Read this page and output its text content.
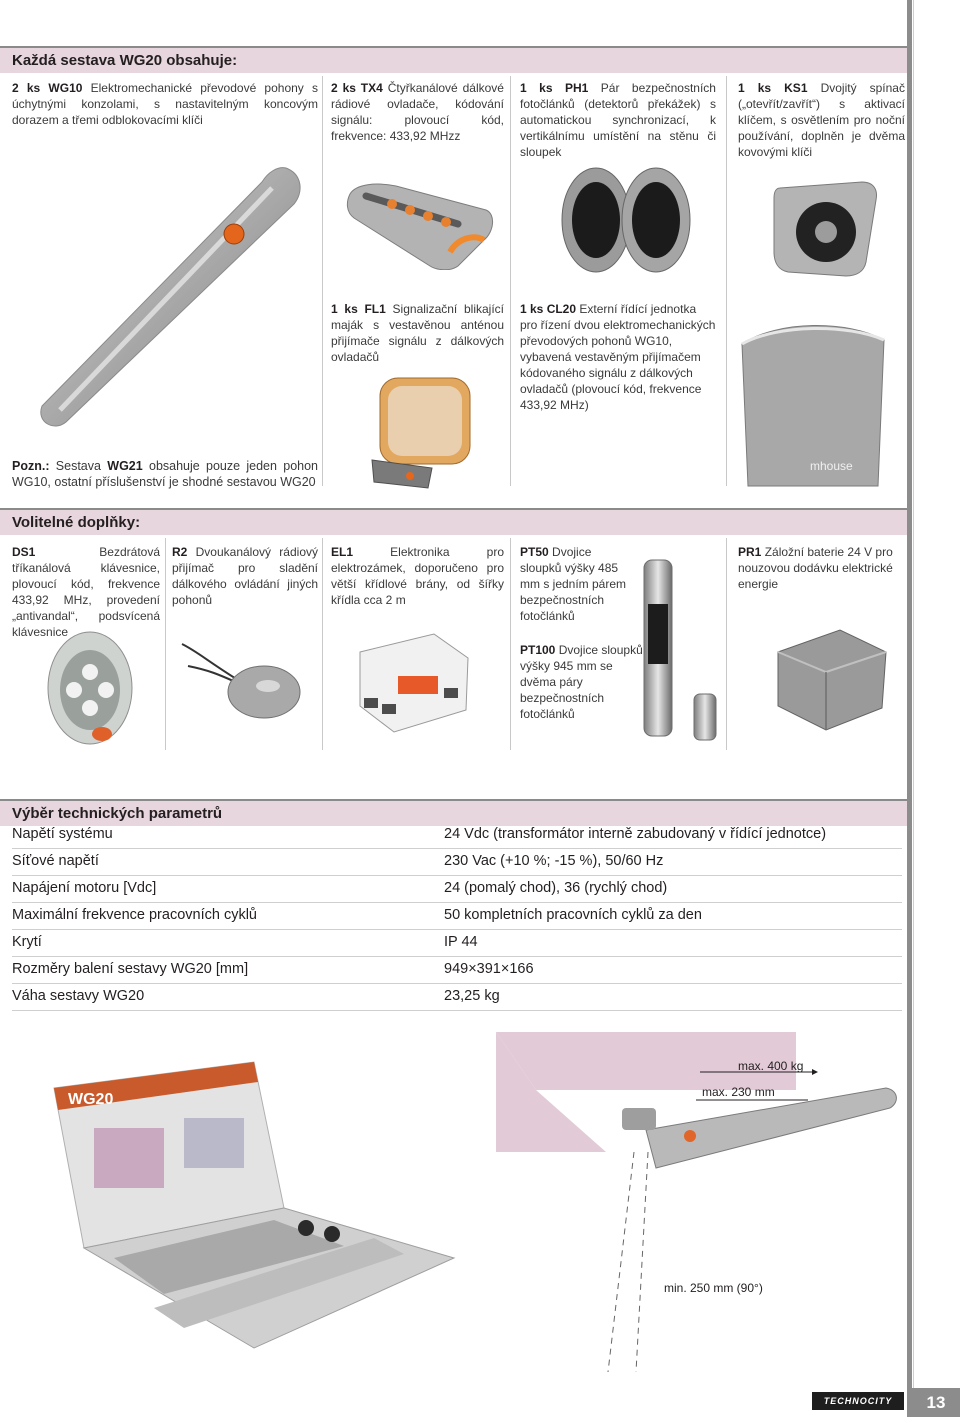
Každá sestava WG20 obsahuje:
2 ks WG10 Elektromechanické převodové pohony s úchytnými konzolami, s nastavitelným koncovým dorazem a třemi odblokovacími klíči
2 ks TX4 Čtyřkanálové dálkové rádiové ovladače, kódování signálu: plovoucí kód, frekvence: 433,92 MHzz
1 ks PH1 Pár bezpečnostních fotočlánků (detektorů překážek) s automatickou synchronizací, k vertikálnímu umístění na stěnu či sloupek
1 ks KS1 Dvojitý spínač („otevřít/zavřít“) s aktivací klíčem, s osvětlením pro noční používání, doplněn je dvěma kovovými klíči
1 ks FL1 Signalizační blikající maják s vestavěnou anténou přijímače signálu z dálkových ovladačů
1 ks CL20 Externí řídící jednotka pro řízení dvou elektromechanických převodových pohonů WG10, vybavená vestavěným přijímačem kódovaného signálu z dálkových ovladačů (plovoucí kód, frekvence 433,92 MHz)
mhouse
Pozn.: Sestava WG21 obsahuje pouze jeden pohon WG10, ostatní příslušenství je shodné sestavou WG20
Volitelné doplňky:
DS1	Bezdrátová tříkanálová klávesnice, plovoucí kód, frekvence 433,92 MHz, provedení „antivandal“, podsvícená klávesnice
R2 Dvoukanálový rádiový přijímač pro sladění dálkového ovládání jiných pohonů
EL1	Elektronika pro elektrozámek, doporučeno pro větší křídlové brány, od šířky křídla cca 2 m
PT50 Dvojice sloupků výšky 485 mm s jedním párem bezpečnostních fotočlánků
PT100 Dvojice sloupků výšky 945 mm se dvěma páry bezpečnostních fotočlánků
PR1 Záložní baterie 24 V pro nouzovou dodávku elektrické energie
Výběr technických parametrů
Napětí systému	24 Vdc (transformátor interně zabudovaný v řídící jednotce)
Síťové napětí	230 Vac (+10 %; -15 %), 50/60 Hz
Napájení motoru [Vdc]	24 (pomalý chod), 36 (rychlý chod)
Maximální frekvence pracovních cyklů	50 kompletních pracovních cyklů za den
Krytí	IP 44
Rozměry balení sestavy WG20 [mm]	949×391×166
Váha sestavy WG20	23,25 kg
WG20
max. 400 kg
max. 230 mm
min. 250 mm (90°)
TECHNOCITY	13
